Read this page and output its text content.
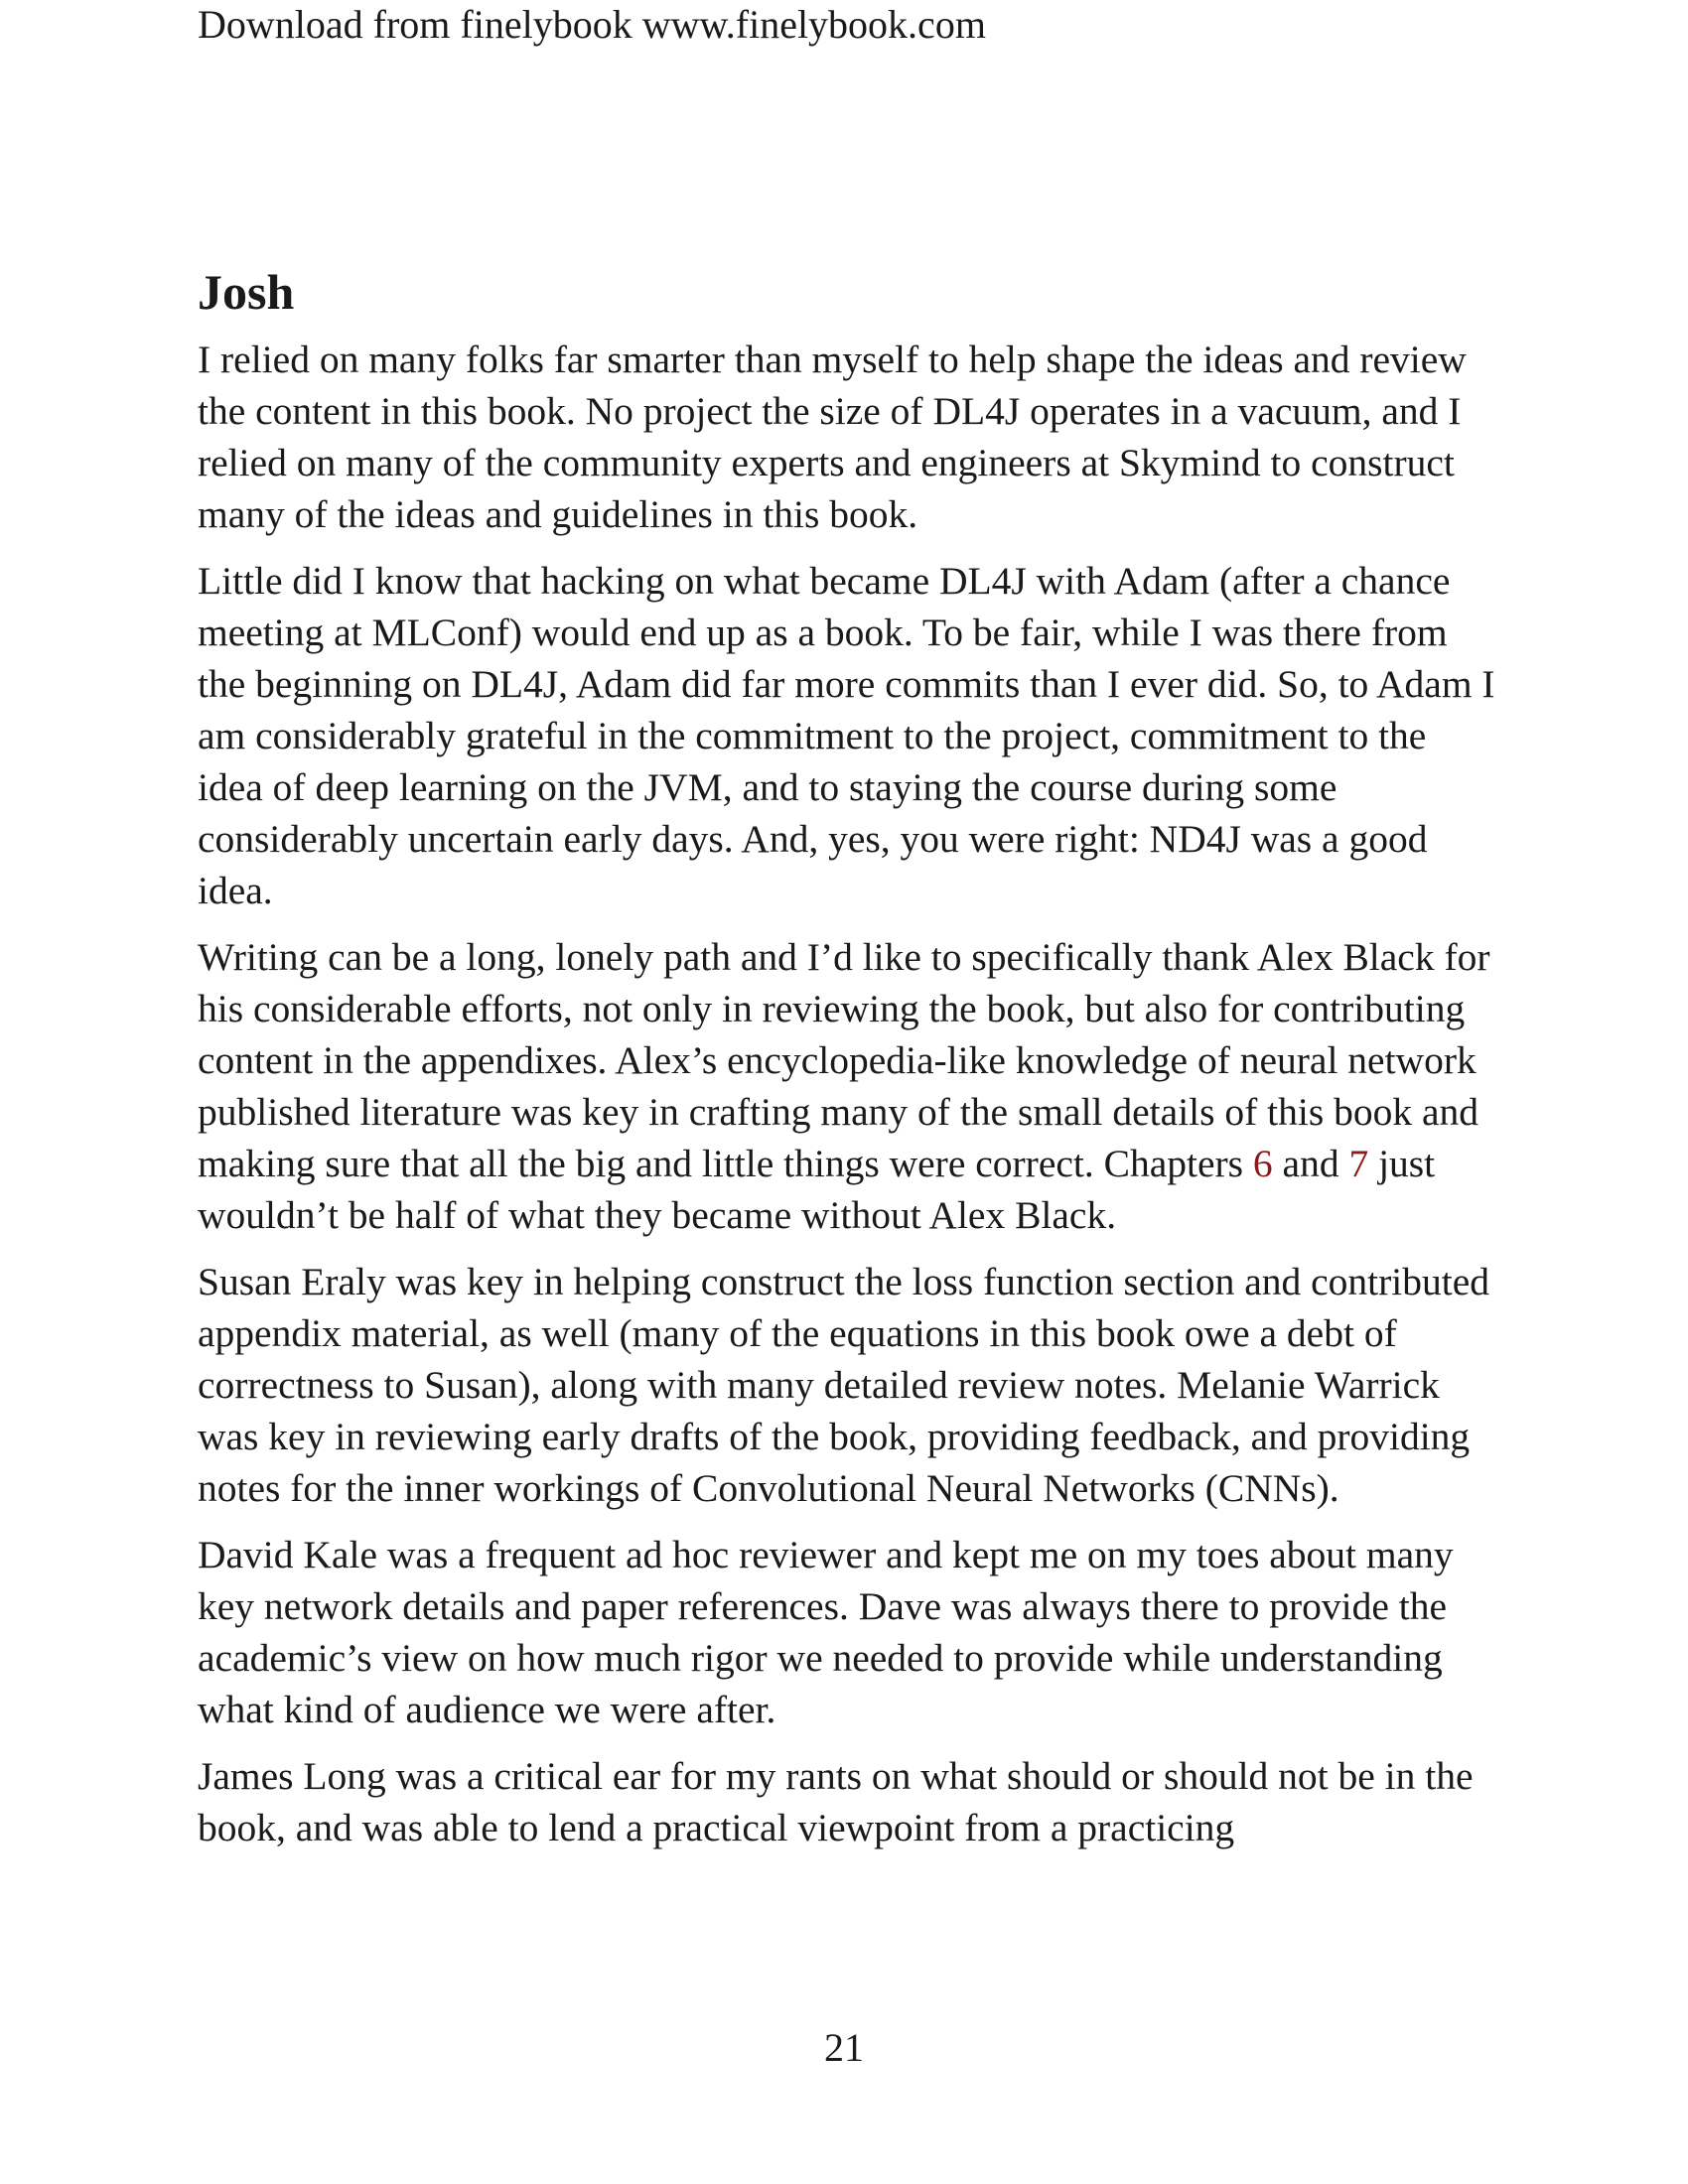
Download from finelybook www.finelybook.com
Josh

I relied on many folks far smarter than myself to help shape the ideas and review the content in this book. No project the size of DL4J operates in a vacuum, and I relied on many of the community experts and engineers at Skymind to construct many of the ideas and guidelines in this book.

Little did I know that hacking on what became DL4J with Adam (after a chance meeting at MLConf) would end up as a book. To be fair, while I was there from the beginning on DL4J, Adam did far more commits than I ever did. So, to Adam I am considerably grateful in the commitment to the project, commitment to the idea of deep learning on the JVM, and to staying the course during some considerably uncertain early days. And, yes, you were right: ND4J was a good idea.

Writing can be a long, lonely path and I’d like to specifically thank Alex Black for his considerable efforts, not only in reviewing the book, but also for contributing content in the appendixes. Alex’s encyclopedia-like knowledge of neural network published literature was key in crafting many of the small details of this book and making sure that all the big and little things were correct. Chapters 6 and 7 just wouldn’t be half of what they became without Alex Black.

Susan Eraly was key in helping construct the loss function section and contributed appendix material, as well (many of the equations in this book owe a debt of correctness to Susan), along with many detailed review notes. Melanie Warrick was key in reviewing early drafts of the book, providing feedback, and providing notes for the inner workings of Convolutional Neural Networks (CNNs).

David Kale was a frequent ad hoc reviewer and kept me on my toes about many key network details and paper references. Dave was always there to provide the academic’s view on how much rigor we needed to provide while understanding what kind of audience we were after.

James Long was a critical ear for my rants on what should or should not be in the book, and was able to lend a practical viewpoint from a practicing

21
